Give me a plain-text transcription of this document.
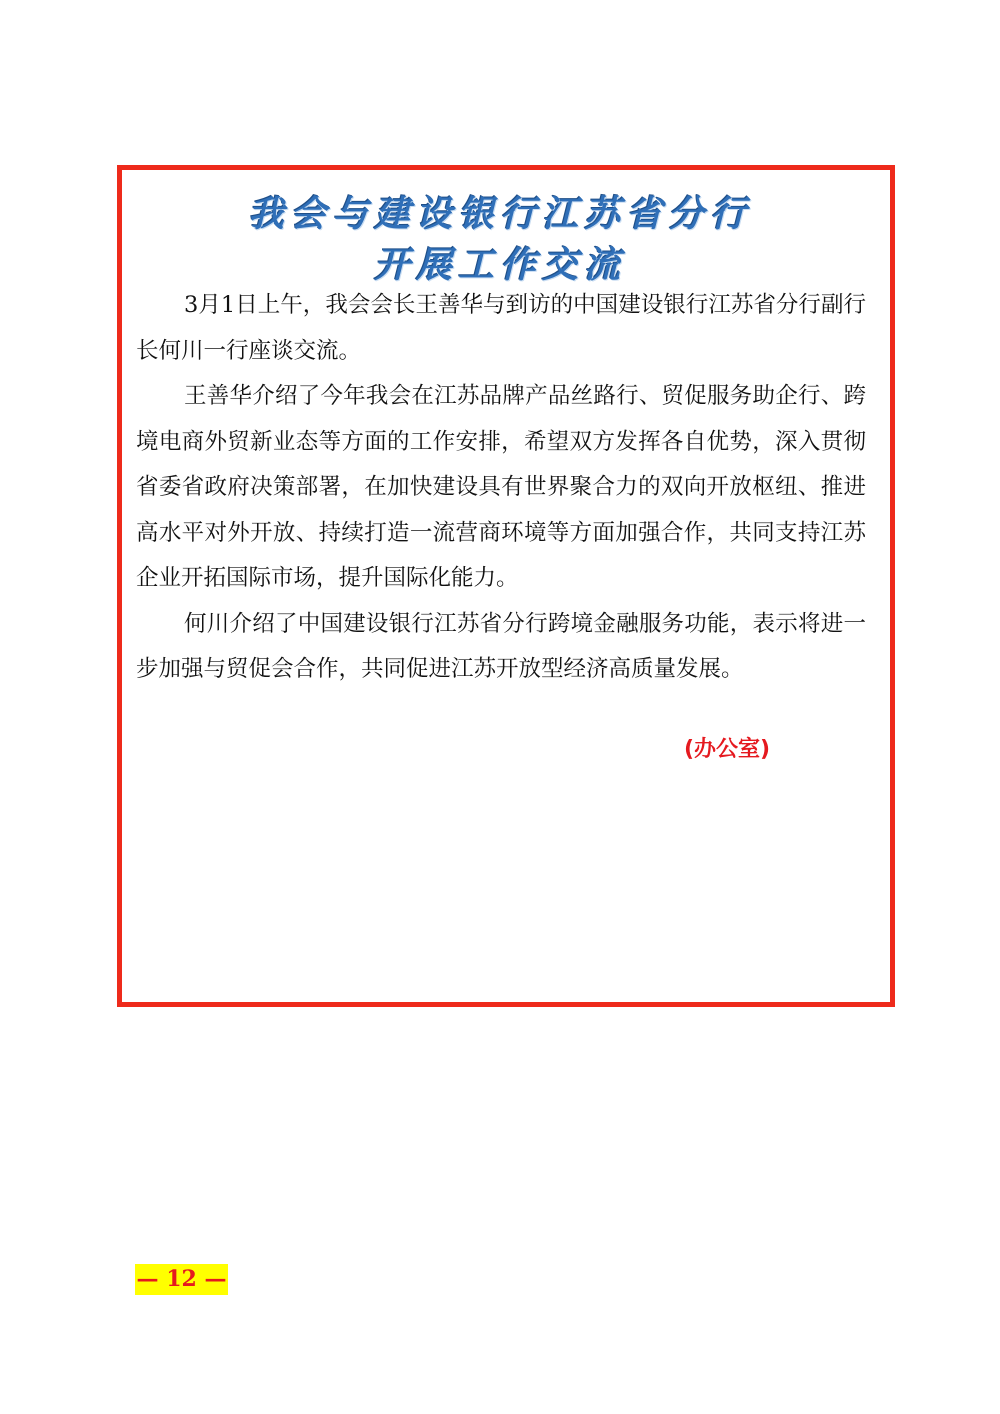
我会与建设银行江苏省分行
开展工作交流

3月1日上午，我会会长王善华与到访的中国建设银行江苏省分行副行长何川一行座谈交流。

王善华介绍了今年我会在江苏品牌产品丝路行、贸促服务助企行、跨境电商外贸新业态等方面的工作安排，希望双方发挥各自优势，深入贯彻省委省政府决策部署，在加快建设具有世界聚合力的双向开放枢纽、推进高水平对外开放、持续打造一流营商环境等方面加强合作，共同支持江苏企业开拓国际市场，提升国际化能力。

何川介绍了中国建设银行江苏省分行跨境金融服务功能，表示将进一步加强与贸促会合作，共同促进江苏开放型经济高质量发展。

(办公室)
— 12 —
